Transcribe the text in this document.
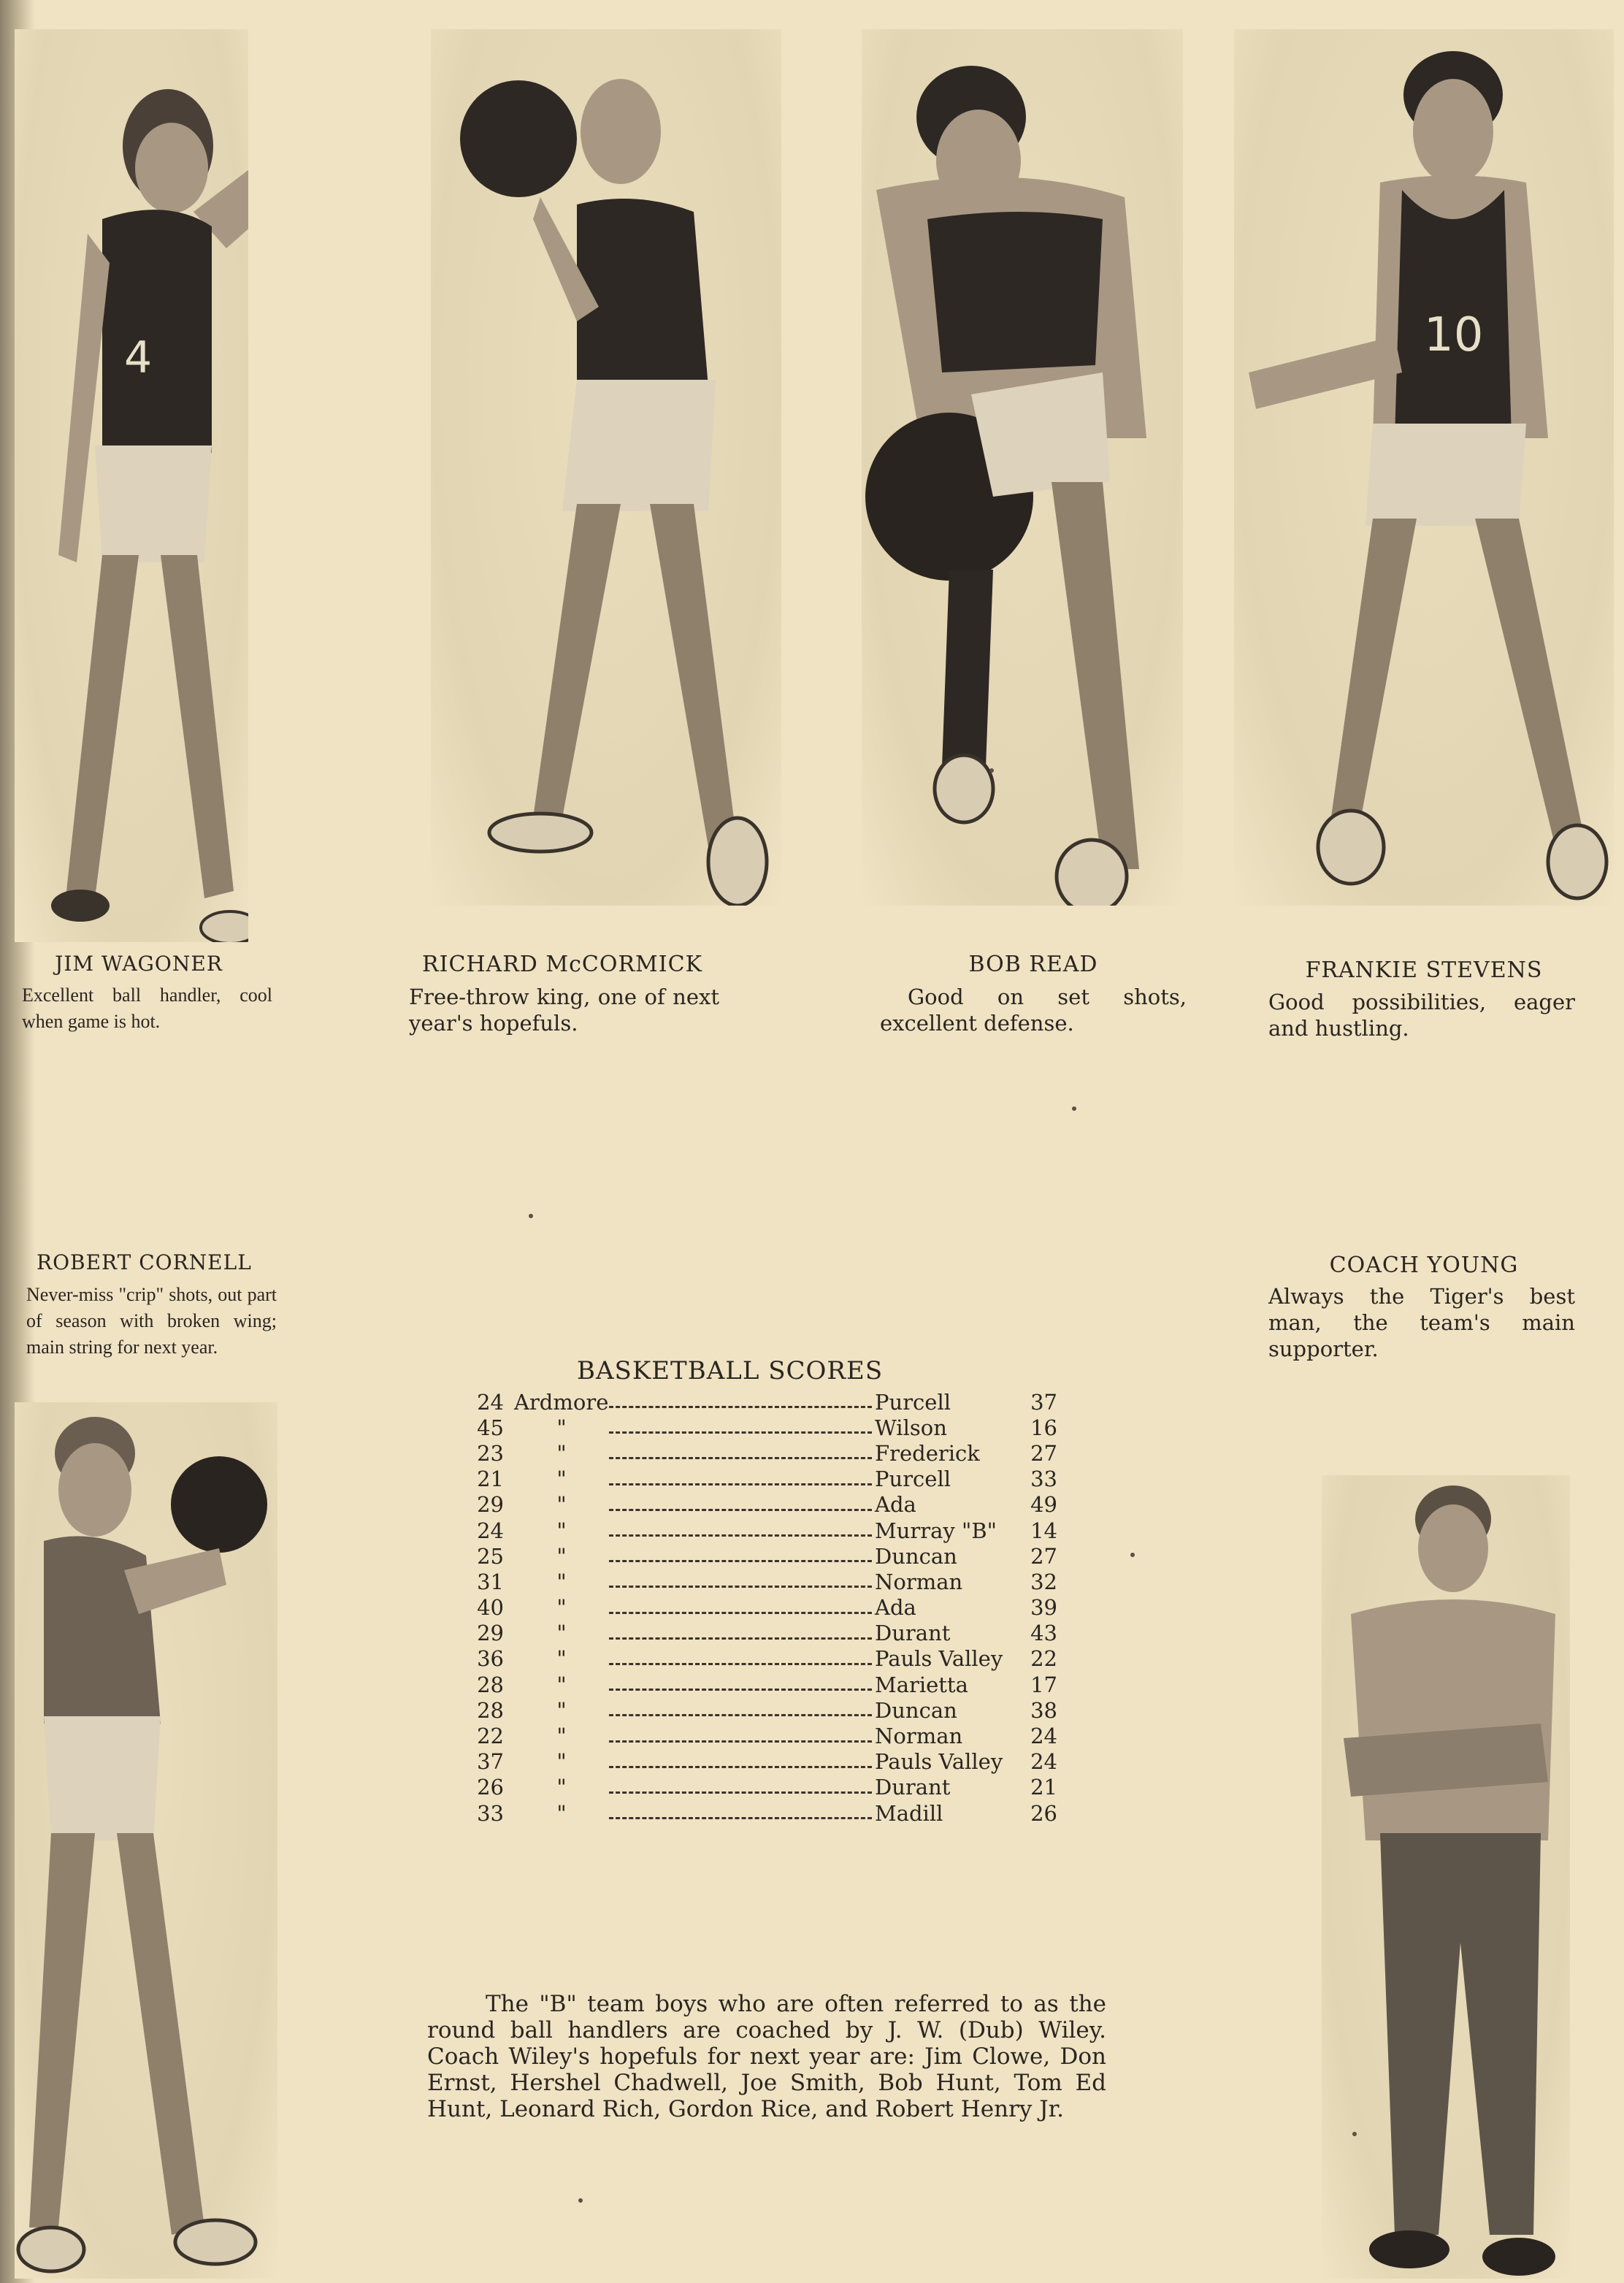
4	10
JIM WAGONER
Excellent ball handler, cool when game is hot.
RICHARD McCORMICK
Free-throw king, one of next year's hopefuls.
BOB READ
Good on set shots, excellent defense.
FRANKIE STEVENS
Good possibilities, eager and hustling.
ROBERT CORNELL
Never-miss "crip" shots, out part of season with broken wing; main string for next year.
COACH YOUNG
Always the Tiger's best man, the team's main supporter.
BASKETBALL SCORES
24 Ardmore	Purcell	37
45	"	Wilson	16
23	"	Frederick	27
21	"	Purcell	33
29	"	Ada	49
24	"	Murray "B"	14
25	"	Duncan	27
31	"	Norman	32
40	"	Ada	39
29	"	Durant	43
36	"	Pauls Valley	22
28	"	Marietta	17
28	"	Duncan	38
22	"	Norman	24
37	"	Pauls Valley	24
26	"	Durant	21
33	"	Madill	26
The "B" team boys who are often referred to as the round ball handlers are coached by J. W. (Dub) Wiley. Coach Wiley's hopefuls for next year are: Jim Clowe, Don Ernst, Hershel Chadwell, Joe Smith, Bob Hunt, Tom Ed Hunt, Leonard Rich, Gordon Rice, and Robert Henry Jr.
